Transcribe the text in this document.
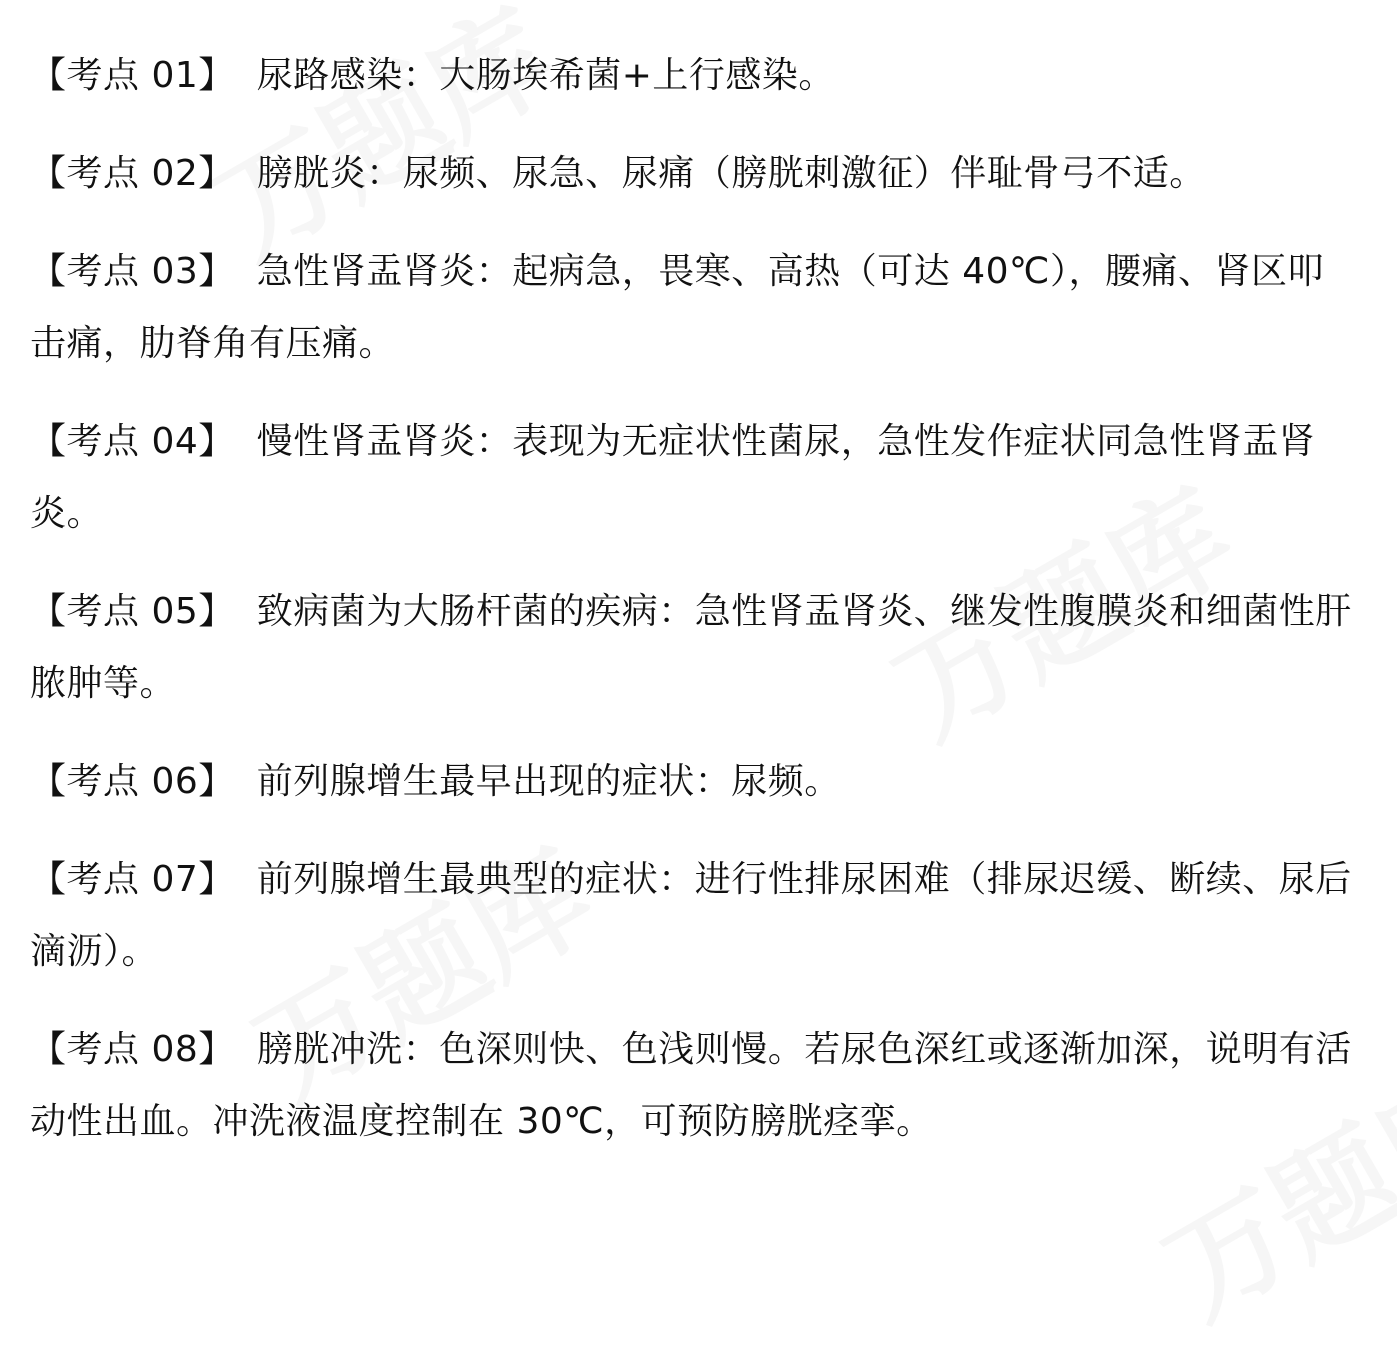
【考点 01】 尿路感染：大肠埃希菌+上行感染。

【考点 02】 膀胱炎：尿频、尿急、尿痛（膀胱刺激征）伴耻骨弓不适。

【考点 03】 急性肾盂肾炎：起病急，畏寒、高热（可达 40℃），腰痛、肾区叩击痛，肋脊角有压痛。

【考点 04】 慢性肾盂肾炎：表现为无症状性菌尿，急性发作症状同急性肾盂肾炎。

【考点 05】 致病菌为大肠杆菌的疾病：急性肾盂肾炎、继发性腹膜炎和细菌性肝脓肿等。

【考点 06】 前列腺增生最早出现的症状：尿频。

【考点 07】 前列腺增生最典型的症状：进行性排尿困难（排尿迟缓、断续、尿后滴沥）。

【考点 08】 膀胱冲洗：色深则快、色浅则慢。若尿色深红或逐渐加深，说明有活动性出血。冲洗液温度控制在 30℃，可预防膀胱痉挛。
